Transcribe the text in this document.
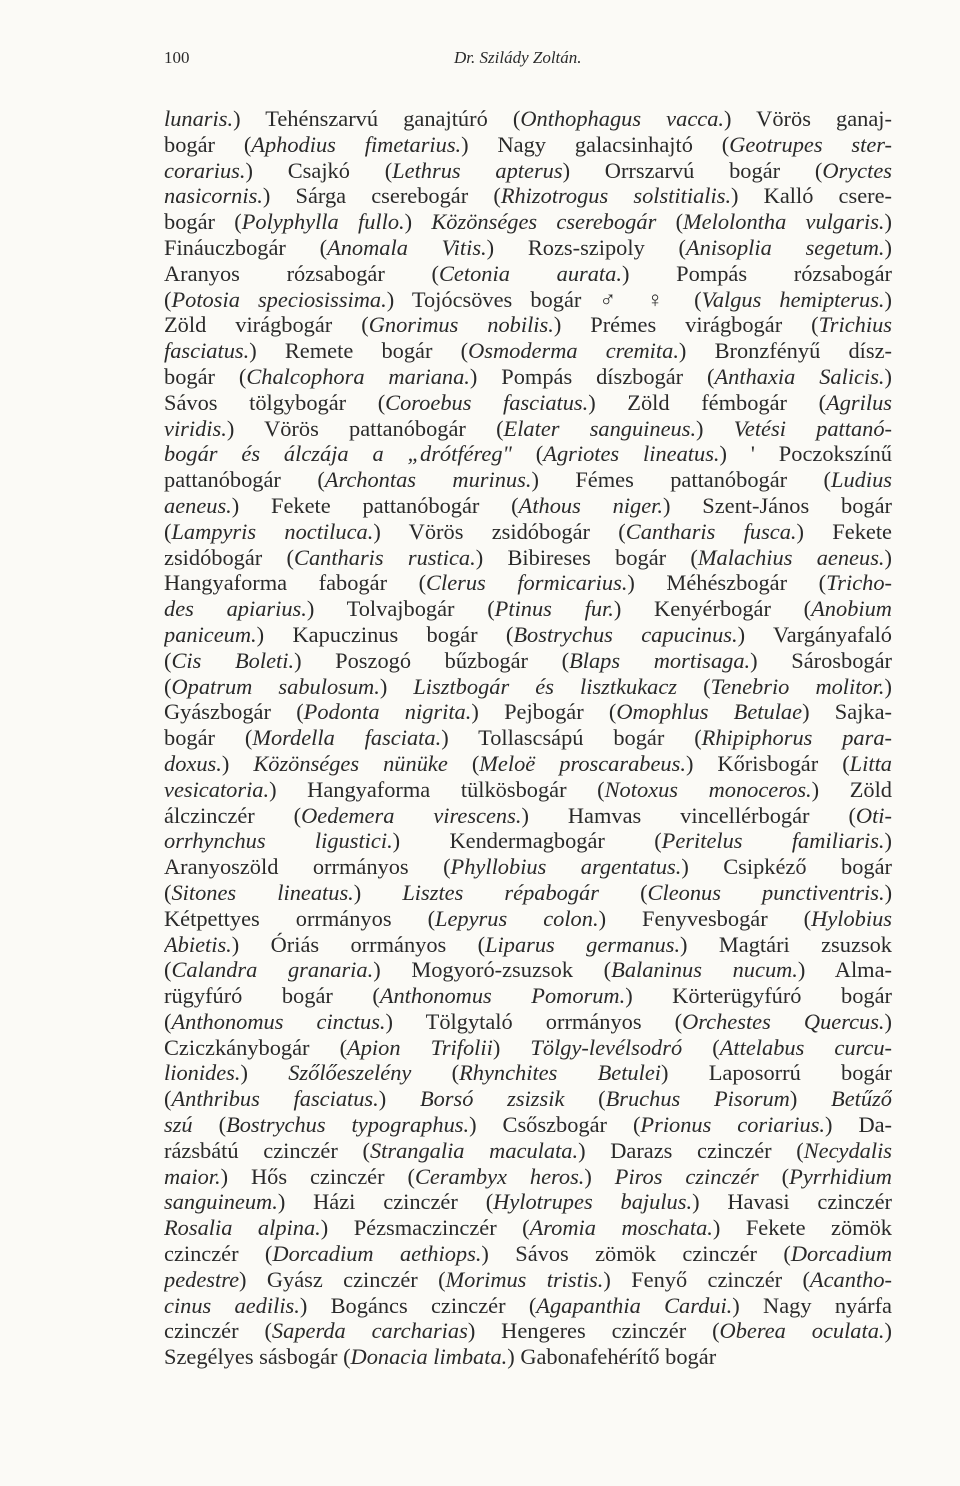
100	Dr. Szilády Zoltán.
lunaris.) Tehénszarvú ganajtúró (Onthophagus vacca.) Vörös ganaj-
bogár (Aphodius fimetarius.) Nagy galacsinhajtó (Geotrupes ster-
corarius.) Csajkó (Lethrus apterus) Orrszarvú bogár (Oryctes
nasicornis.) Sárga cserebogár (Rhizotrogus solstitialis.) Kalló csere-
bogár (Polyphylla fullo.) Közönséges cserebogár (Melolontha vulgaris.)
Fináuczbogár (Anomala Vitis.) Rozs-szipoly (Anisoplia segetum.)
Aranyos rózsabogár (Cetonia aurata.) Pompás rózsabogár
(Potosia speciosissima.) Tojócsöves bogár ♂ ♀ (Valgus hemipterus.)
Zöld virágbogár (Gnorimus nobilis.) Prémes virágbogár (Trichius
fasciatus.) Remete bogár (Osmoderma cremita.) Bronzfényű dísz-
bogár (Chalcophora mariana.) Pompás díszbogár (Anthaxia Salicis.)
Sávos tölgybogár (Coroebus fasciatus.) Zöld fémbogár (Agrilus
viridis.) Vörös pattanóbogár (Elater sanguineus.) Vetési pattanó-
bogár és álczája a „drótféreg" (Agriotes lineatus.) ' Poczokszínű
pattanóbogár (Archontas murinus.) Fémes pattanóbogár (Ludius
aeneus.) Fekete pattanóbogár (Athous niger.) Szent-János bogár
(Lampyris noctiluca.) Vörös zsidóbogár (Cantharis fusca.) Fekete
zsidóbogár (Cantharis rustica.) Bibireses bogár (Malachius aeneus.)
Hangyaforma fabogár (Clerus formicarius.) Méhészbogár (Tricho-
des apiarius.) Tolvajbogár (Ptinus fur.) Kenyérbogár (Anobium
paniceum.) Kapuczinus bogár (Bostrychus capucinus.) Vargányafaló
(Cis Boleti.) Poszogó bűzbogár (Blaps mortisaga.) Sárosbogár
(Opatrum sabulosum.) Lisztbogár és lisztkukacz (Tenebrio molitor.)
Gyászbogár (Podonta nigrita.) Pejbogár (Omophlus Betulae) Sajka-
bogár (Mordella fasciata.) Tollascsápú bogár (Rhipiphorus para-
doxus.) Közönséges nünüke (Meloë proscarabeus.) Kőrisbogár (Litta
vesicatoria.) Hangyaforma tülkösbogár (Notoxus monoceros.) Zöld
álczinczér (Oedemera virescens.) Hamvas vincellérbogár (Oti-
orrhynchus ligustici.) Kendermagbogár (Peritelus familiaris.)
Aranyoszöld orrmányos (Phyllobius argentatus.) Csipkéző bogár
(Sitones lineatus.) Lisztes répabogár (Cleonus punctiventris.)
Kétpettyes orrmányos (Lepyrus colon.) Fenyvesbogár (Hylobius
Abietis.) Óriás orrmányos (Liparus germanus.) Magtári zsuzsok
(Calandra granaria.) Mogyoró-zsuzsok (Balaninus nucum.) Alma-
rügyfúró bogár (Anthonomus Pomorum.) Körterügyfúró bogár
(Anthonomus cinctus.) Tölgytaló orrmányos (Orchestes Quercus.)
Cziczkánybogár (Apion Trifolii) Tölgy-levélsodró (Attelabus curcu-
lionides.) Szőlőeszelény (Rhynchites Betulei) Laposorrú bogár
(Anthribus fasciatus.) Borsó zsizsik (Bruchus Pisorum) Betűző
szú (Bostrychus typographus.) Csőszbogár (Prionus coriarius.) Da-
rázsbátú czinczér (Strangalia maculata.) Darazs czinczér (Necydalis
maior.) Hős czinczér (Cerambyx heros.) Piros czinczér (Pyrrhidium
sanguineum.) Házi czinczér (Hylotrupes bajulus.) Havasi czinczér
Rosalia alpina.) Pézsmaczinczér (Aromia moschata.) Fekete zömök
czinczér (Dorcadium aethiops.) Sávos zömök czinczér (Dorcadium
pedestre) Gyász czinczér (Morimus tristis.) Fenyő czinczér (Acantho-
cinus aedilis.) Bogáncs czinczér (Agapanthia Cardui.) Nagy nyárfa
czinczér (Saperda carcharias) Hengeres czinczér (Oberea oculata.)
Szegélyes sásbogár (Donacia limbata.) Gabonafehérítő bogár
